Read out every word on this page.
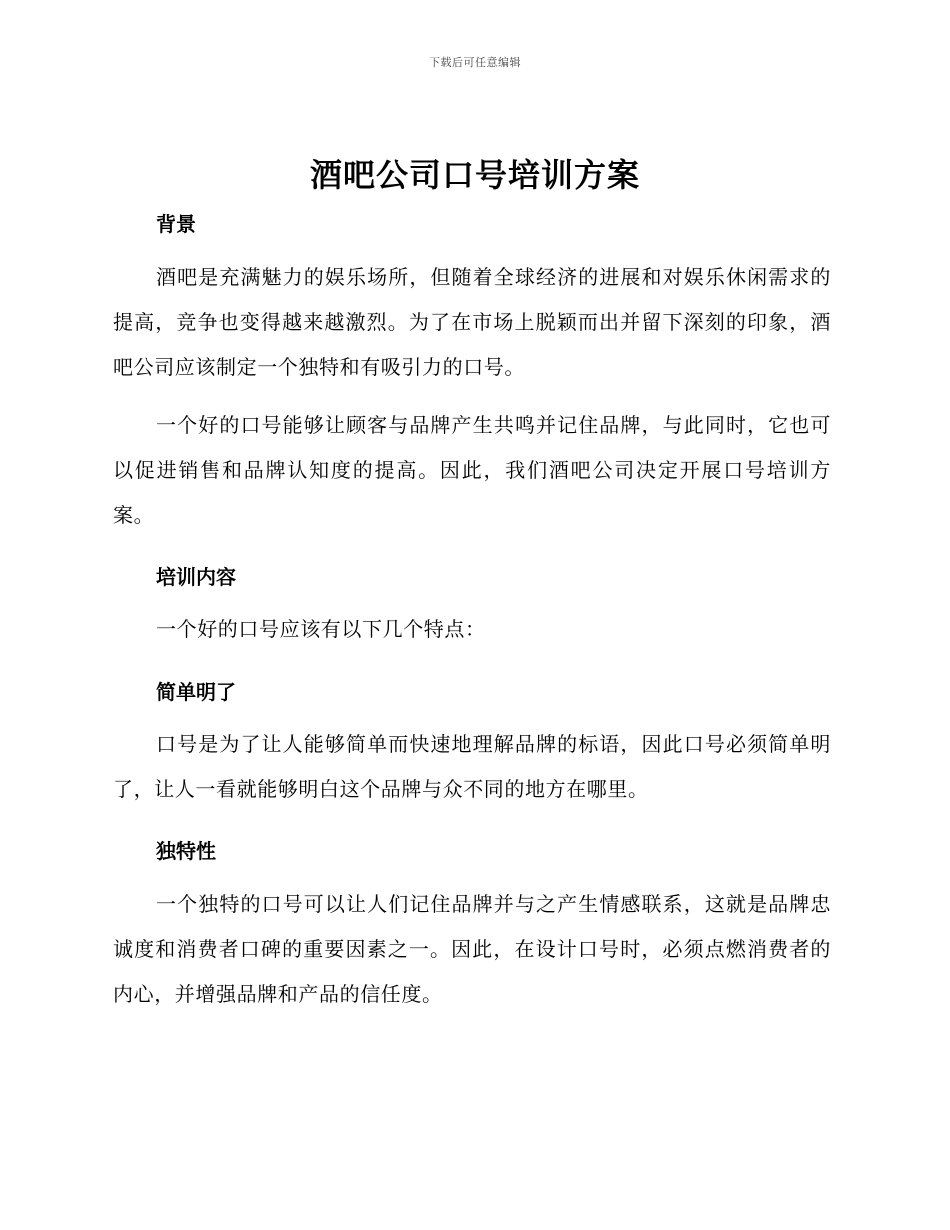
下载后可任意编辑
酒吧公司口号培训方案
背景
酒吧是充满魅力的娱乐场所，但随着全球经济的进展和对娱乐休闲需求的提高，竞争也变得越来越激烈。为了在市场上脱颖而出并留下深刻的印象，酒吧公司应该制定一个独特和有吸引力的口号。
一个好的口号能够让顾客与品牌产生共鸣并记住品牌，与此同时，它也可以促进销售和品牌认知度的提高。因此，我们酒吧公司决定开展口号培训方案。
培训内容
一个好的口号应该有以下几个特点：
简单明了
口号是为了让人能够简单而快速地理解品牌的标语，因此口号必须简单明了，让人一看就能够明白这个品牌与众不同的地方在哪里。
独特性
一个独特的口号可以让人们记住品牌并与之产生情感联系，这就是品牌忠诚度和消费者口碑的重要因素之一。因此，在设计口号时，必须点燃消费者的内心，并增强品牌和产品的信任度。
